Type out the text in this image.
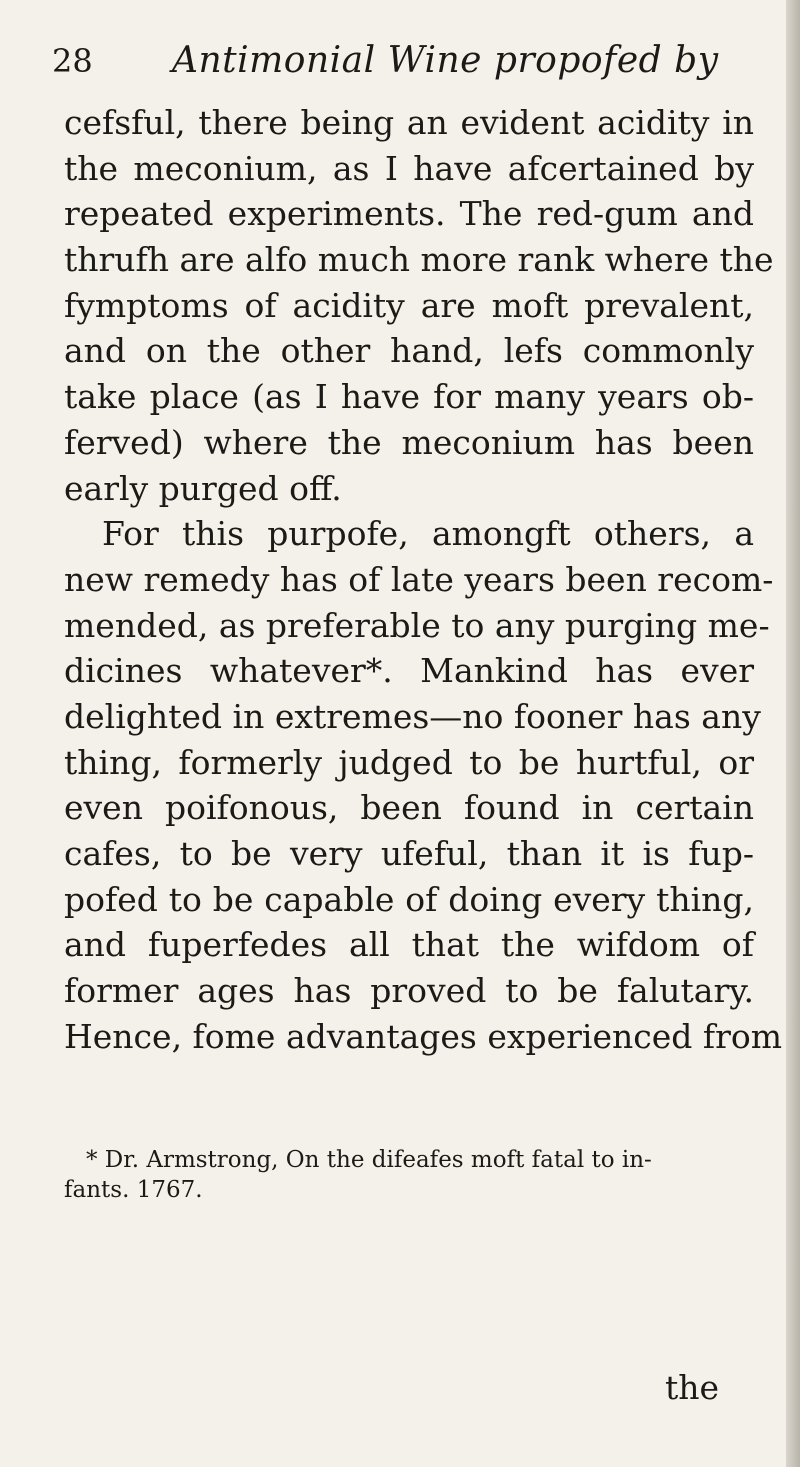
28 Antimonial Wine propofed by
cefsful, there being an evident acidity in
the meconium, as I have afcertained by
repeated experiments. The red-gum and
thrufh are alfo much more rank where the
fymptoms of acidity are moft prevalent,
and on the other hand, lefs commonly
take place (as I have for many years ob-
ferved) where the meconium has been
early purged off.
For this purpofe, amongft others, a
new remedy has of late years been recom-
mended, as preferable to any purging me-
dicines whatever*. Mankind has ever
delighted in extremes—no fooner has any
thing, formerly judged to be hurtful, or
even poifonous, been found in certain
cafes, to be very ufeful, than it is fup-
pofed to be capable of doing every thing,
and fuperfedes all that the wifdom of
former ages has proved to be falutary.
Hence, fome advantages experienced from
* Dr. Armstrong, On the difeafes moft fatal to in-
fants. 1767.
the
